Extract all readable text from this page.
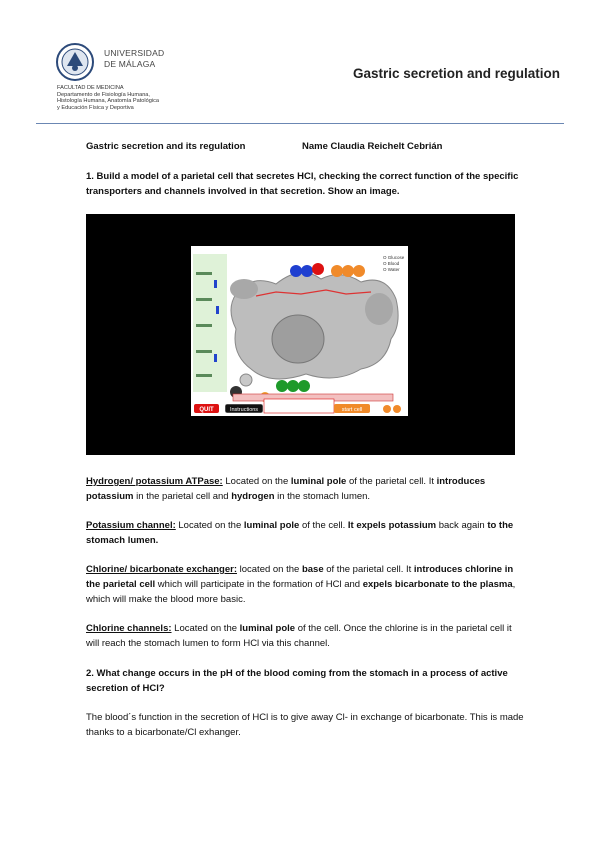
UNIVERSIDAD
DE MÁLAGA
FACULTAD DE MEDICINA
Departamento de Fisiología Humana,
Histología Humana, Anatomía Patológica
y Educación Física y Deportiva
Gastric secretion and regulation
Gastric secretion and its regulation	Name Claudia Reichelt Cebrián
1. Build a model of a parietal cell that secretes HCl, checking the correct function of the specific transporters and channels involved in that secretion. Show an image.
QUIT	Instructions	start cell
O Glucose
O Blood
O Water
Hydrogen/ potassium ATPase: Located on the luminal pole of the parietal cell. It introduces potassium in the parietal cell and hydrogen in the stomach lumen.
Potassium channel: Located on the luminal pole of the cell. It expels potassium back again to the stomach lumen.
Chlorine/ bicarbonate exchanger: located on the base of the parietal cell. It introduces chlorine in the parietal cell which will participate in the formation of HCl and expels bicarbonate to the plasma, which will make the blood more basic.
Chlorine channels: Located on the luminal pole of the cell. Once the chlorine is in the parietal cell it will reach the stomach lumen to form HCl via this channel.
2. What change occurs in the pH of the blood coming from the stomach in a process of active secretion of HCl?
The blood´s function in the secretion of HCl is to give away Cl- in exchange of bicarbonate. This is made thanks to a bicarbonate/Cl exhanger.
